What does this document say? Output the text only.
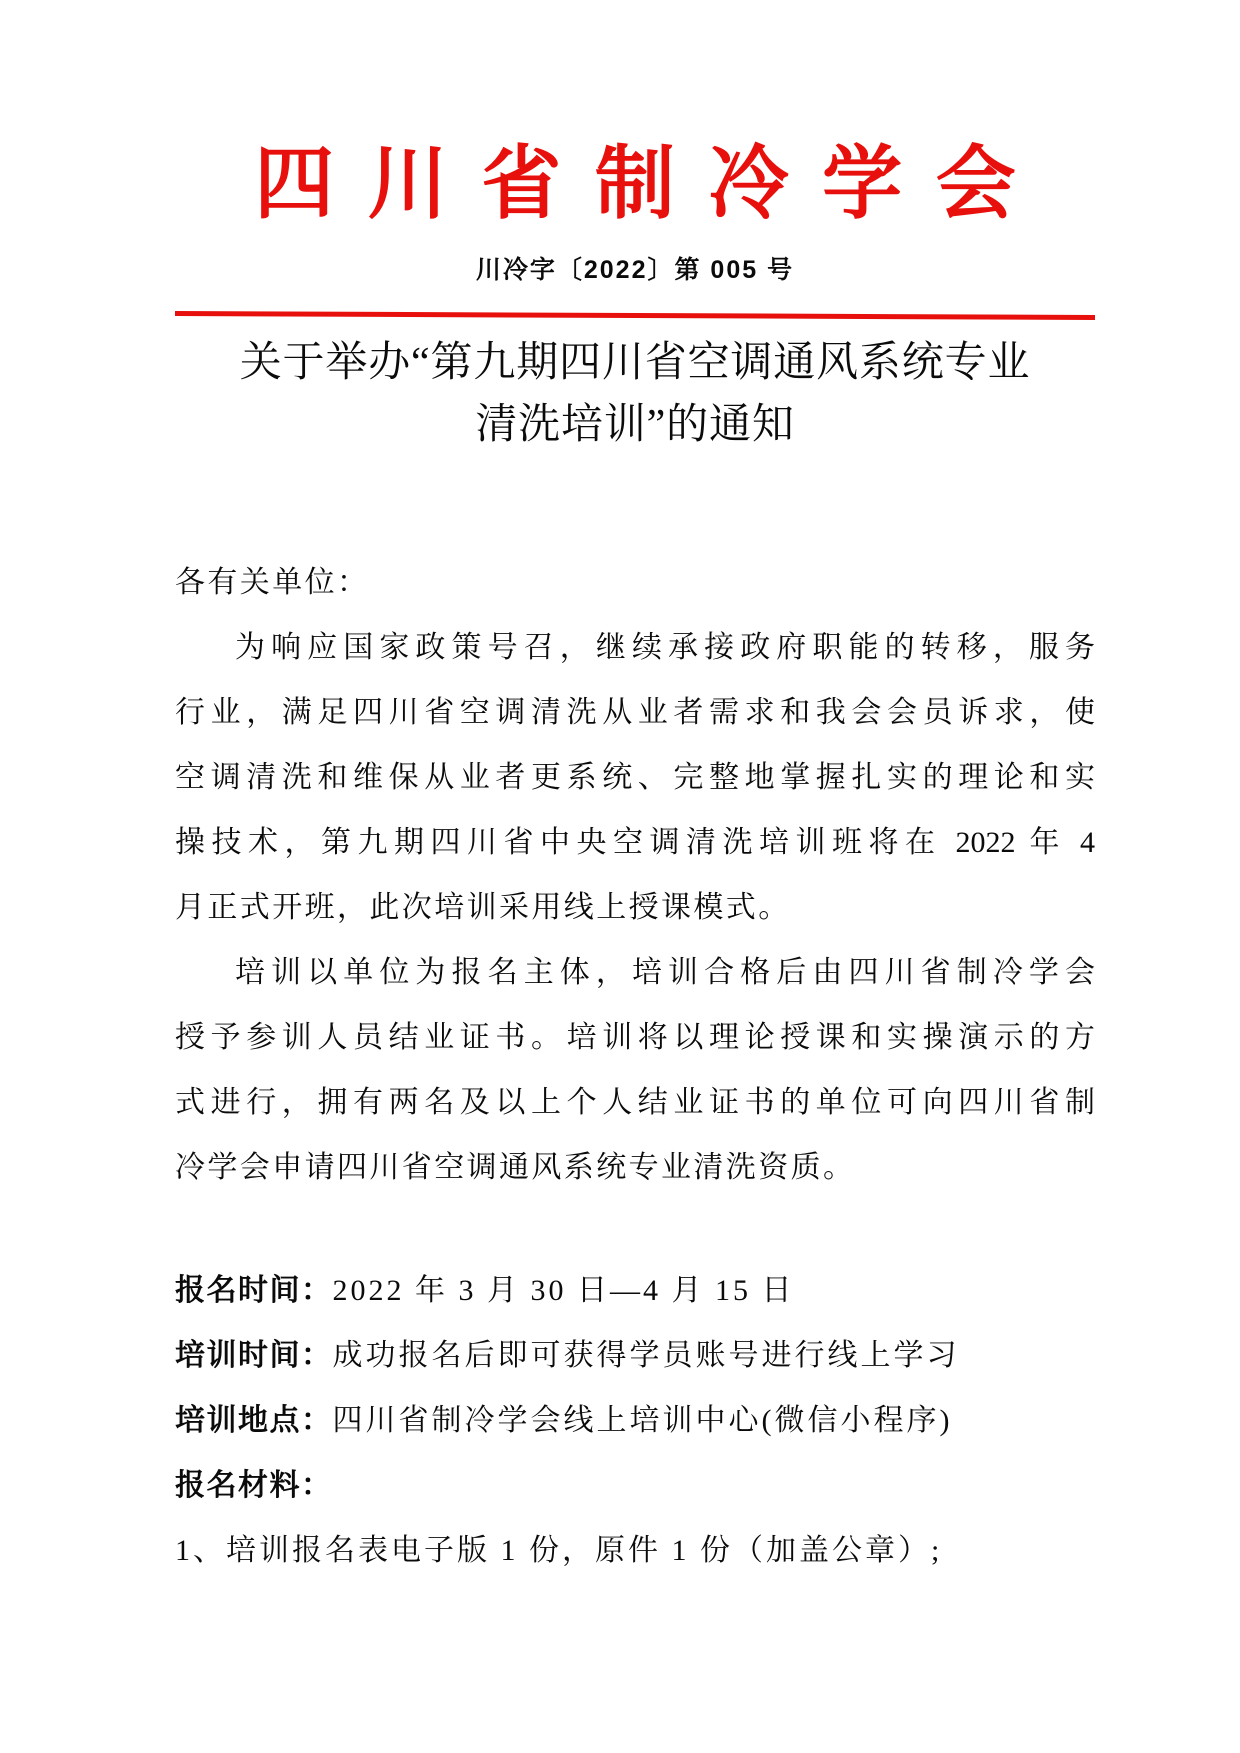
四川省制冷学会
川冷字〔2022〕第 005 号
关于举办“第九期四川省空调通风系统专业
清洗培训”的通知

各有关单位：

为响应国家政策号召，继续承接政府职能的转移，服务
行业，满足四川省空调清洗从业者需求和我会会员诉求，使
空调清洗和维保从业者更系统、完整地掌握扎实的理论和实
操技术，第九期四川省中央空调清洗培训班将在 2022 年 4
月正式开班，此次培训采用线上授课模式。
培训以单位为报名主体，培训合格后由四川省制冷学会
授予参训人员结业证书。培训将以理论授课和实操演示的方
式进行，拥有两名及以上个人结业证书的单位可向四川省制
冷学会申请四川省空调通风系统专业清洗资质。
报名时间：2022 年 3 月 30 日—4 月 15 日
培训时间：成功报名后即可获得学员账号进行线上学习
培训地点：四川省制冷学会线上培训中心(微信小程序)
报名材料：
1、培训报名表电子版 1 份，原件 1 份（加盖公章）;
